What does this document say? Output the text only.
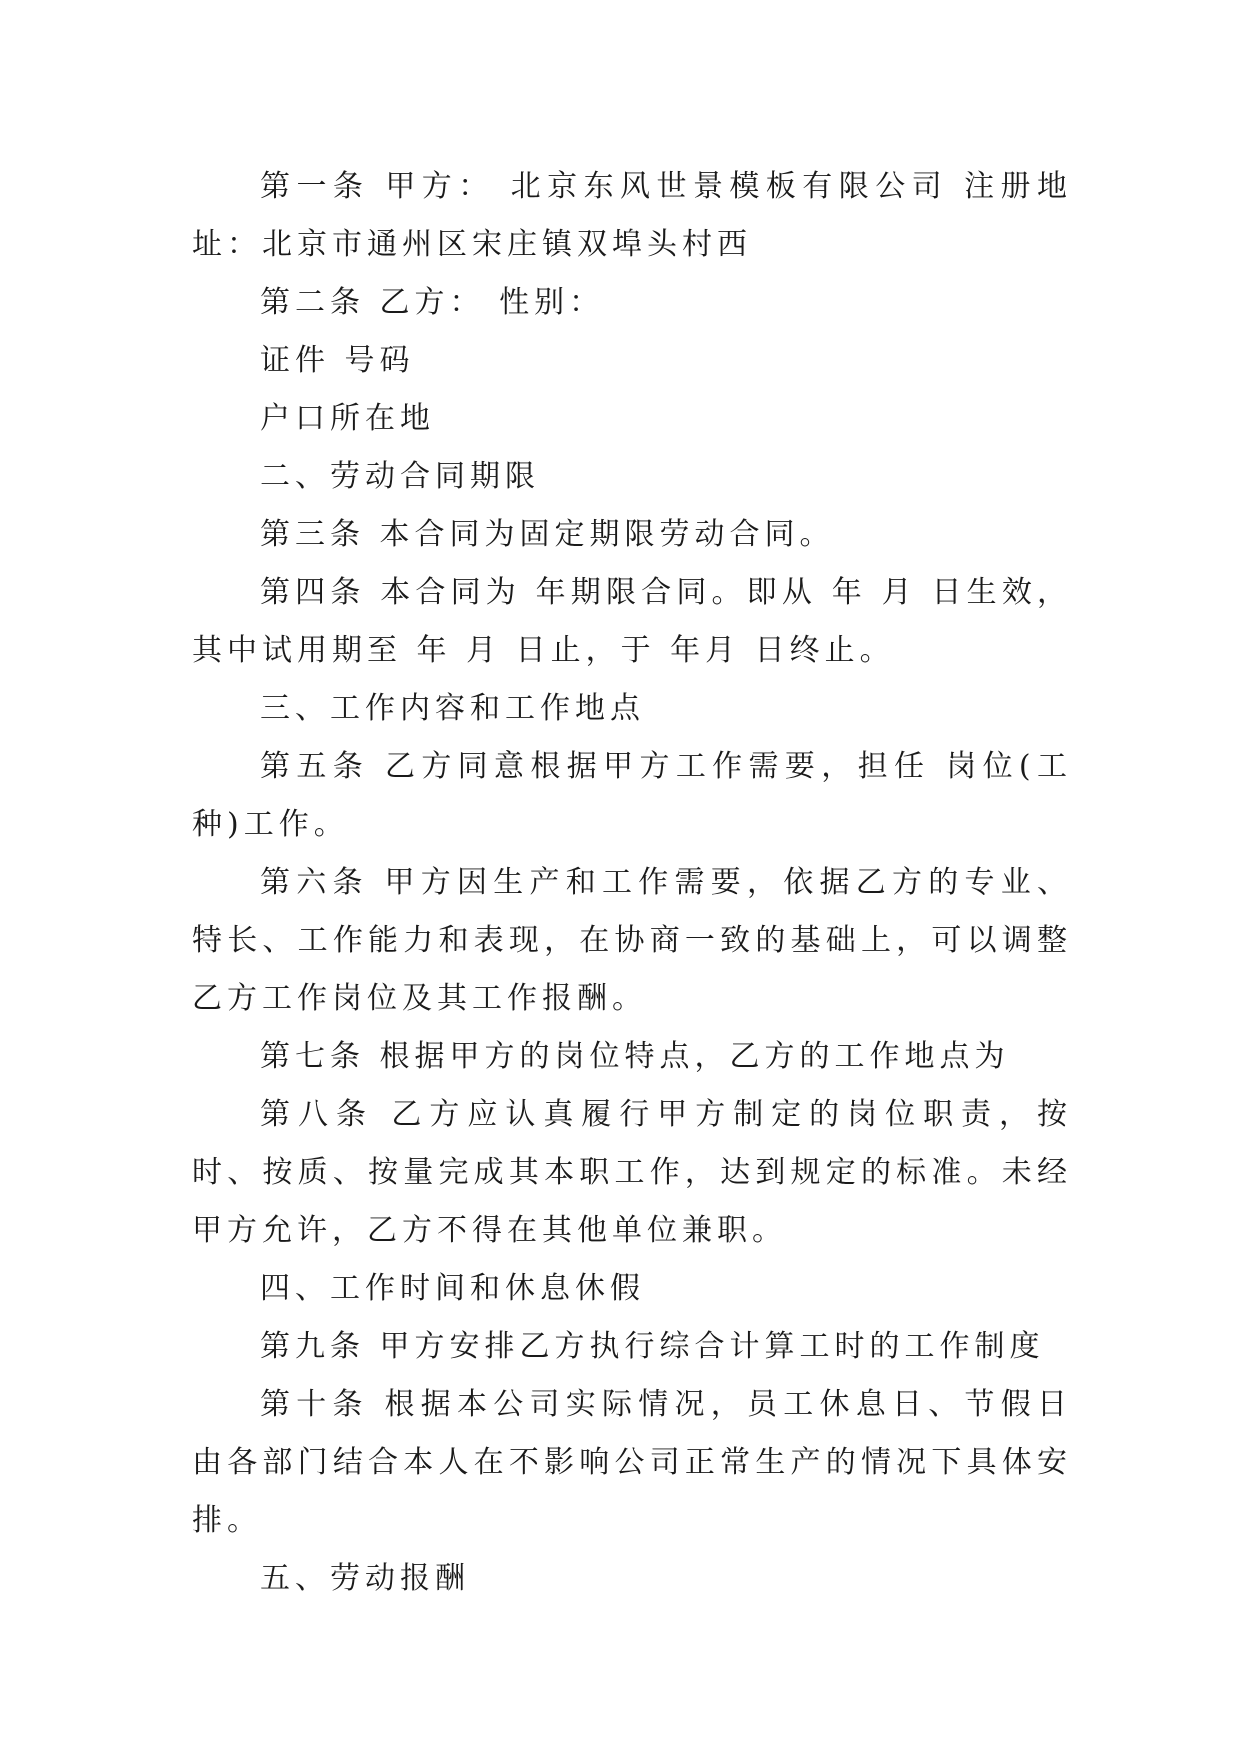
第一条 甲方： 北京东风世景模板有限公司 注册地址：北京市通州区宋庄镇双埠头村西

第二条 乙方： 性别：

证件 号码

户口所在地

二、劳动合同期限

第三条 本合同为固定期限劳动合同。

第四条 本合同为 年期限合同。即从 年 月 日生效，其中试用期至 年 月 日止，于 年月 日终止。

三、工作内容和工作地点

第五条 乙方同意根据甲方工作需要，担任 岗位(工种)工作。

第六条 甲方因生产和工作需要，依据乙方的专业、特长、工作能力和表现，在协商一致的基础上，可以调整乙方工作岗位及其工作报酬。

第七条 根据甲方的岗位特点，乙方的工作地点为

第八条 乙方应认真履行甲方制定的岗位职责，按时、按质、按量完成其本职工作，达到规定的标准。未经甲方允许，乙方不得在其他单位兼职。

四、工作时间和休息休假

第九条 甲方安排乙方执行综合计算工时的工作制度

第十条 根据本公司实际情况，员工休息日、节假日由各部门结合本人在不影响公司正常生产的情况下具体安排。

五、劳动报酬
